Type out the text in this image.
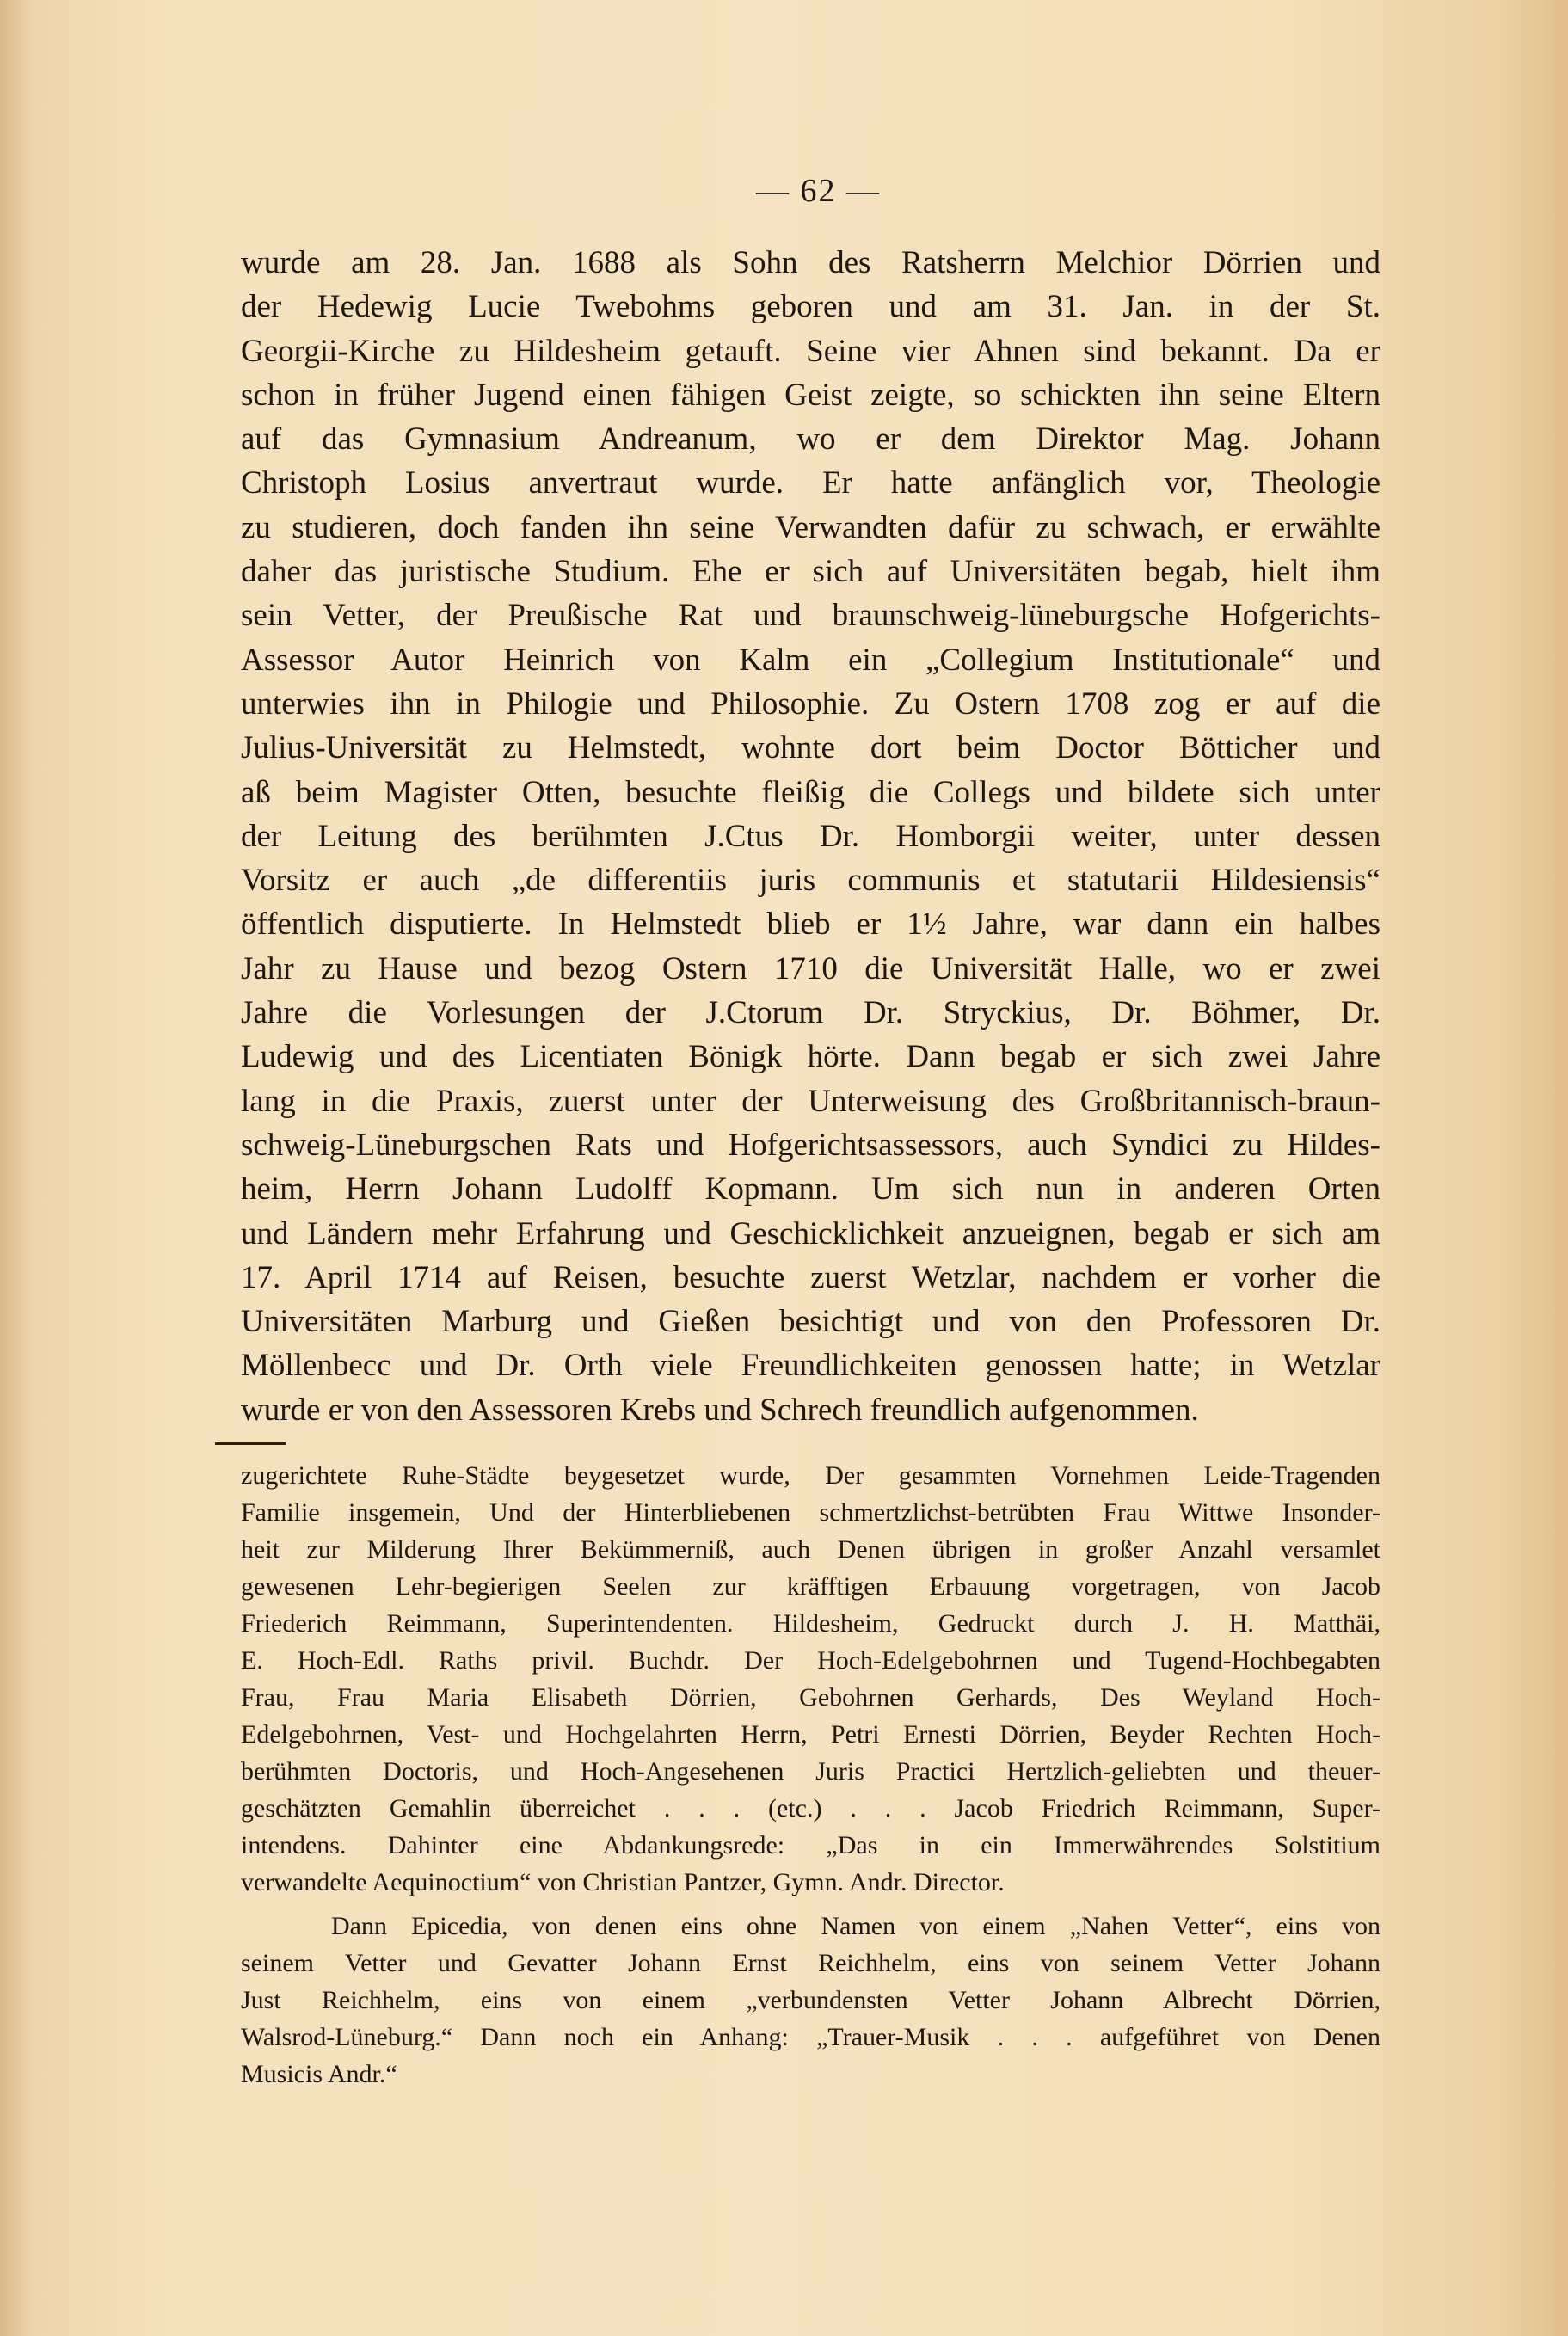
— 62 —
wurde am 28. Jan. 1688 als Sohn des Ratsherrn Melchior Dörrien und
der Hedewig Lucie Twebohms geboren und am 31. Jan. in der St.
Georgii-Kirche zu Hildesheim getauft. Seine vier Ahnen sind bekannt. Da er
schon in früher Jugend einen fähigen Geist zeigte, so schickten ihn seine Eltern
auf das Gymnasium Andreanum, wo er dem Direktor Mag. Johann
Christoph Losius anvertraut wurde. Er hatte anfänglich vor, Theologie
zu studieren, doch fanden ihn seine Verwandten dafür zu schwach, er erwählte
daher das juristische Studium. Ehe er sich auf Universitäten begab, hielt ihm
sein Vetter, der Preußische Rat und braunschweig-lüneburgsche Hofgerichts-
Assessor Autor Heinrich von Kalm ein „Collegium Institutionale“ und
unterwies ihn in Philogie und Philosophie. Zu Ostern 1708 zog er auf die
Julius-Universität zu Helmstedt, wohnte dort beim Doctor Bötticher und
aß beim Magister Otten, besuchte fleißig die Collegs und bildete sich unter
der Leitung des berühmten J.Ctus Dr. Homborgii weiter, unter dessen
Vorsitz er auch „de differentiis juris communis et statutarii Hildesiensis“
öffentlich disputierte. In Helmstedt blieb er 1½ Jahre, war dann ein halbes
Jahr zu Hause und bezog Ostern 1710 die Universität Halle, wo er zwei
Jahre die Vorlesungen der J.Ctorum Dr. Stryckius, Dr. Böhmer, Dr.
Ludewig und des Licentiaten Bönigk hörte. Dann begab er sich zwei Jahre
lang in die Praxis, zuerst unter der Unterweisung des Großbritannisch-braun-
schweig-Lüneburgschen Rats und Hofgerichtsassessors, auch Syndici zu Hildes-
heim, Herrn Johann Ludolff Kopmann. Um sich nun in anderen Orten
und Ländern mehr Erfahrung und Geschicklichkeit anzueignen, begab er sich am
17. April 1714 auf Reisen, besuchte zuerst Wetzlar, nachdem er vorher die
Universitäten Marburg und Gießen besichtigt und von den Professoren Dr.
Möllenbecc und Dr. Orth viele Freundlichkeiten genossen hatte; in Wetzlar
wurde er von den Assessoren Krebs und Schrech freundlich aufgenommen.
zugerichtete Ruhe-Städte beygesetzet wurde, Der gesammten Vornehmen Leide-Tragenden
Familie insgemein, Und der Hinterbliebenen schmertzlichst-betrübten Frau Wittwe Insonder-
heit zur Milderung Ihrer Bekümmerniß, auch Denen übrigen in großer Anzahl versamlet
gewesenen Lehr-begierigen Seelen zur kräfftigen Erbauung vorgetragen, von Jacob
Friederich Reimmann, Superintendenten. Hildesheim, Gedruckt durch J. H. Matthäi,
E. Hoch-Edl. Raths privil. Buchdr. Der Hoch-Edelgebohrnen und Tugend-Hochbegabten
Frau, Frau Maria Elisabeth Dörrien, Gebohrnen Gerhards, Des Weyland Hoch-
Edelgebohrnen, Vest- und Hochgelahrten Herrn, Petri Ernesti Dörrien, Beyder Rechten Hoch-
berühmten Doctoris, und Hoch-Angesehenen Juris Practici Hertzlich-geliebten und theuer-
geschätzten Gemahlin überreichet . . . (etc.) . . . Jacob Friedrich Reimmann, Super-
intendens. Dahinter eine Abdankungsrede: „Das in ein Immerwährendes Solstitium
verwandelte Aequinoctium“ von Christian Pantzer, Gymn. Andr. Director.
Dann Epicedia, von denen eins ohne Namen von einem „Nahen Vetter“, eins von
seinem Vetter und Gevatter Johann Ernst Reichhelm, eins von seinem Vetter Johann
Just Reichhelm, eins von einem „verbundensten Vetter Johann Albrecht Dörrien,
Walsrod-Lüneburg.“ Dann noch ein Anhang: „Trauer-Musik . . . aufgeführet von Denen
Musicis Andr.“
